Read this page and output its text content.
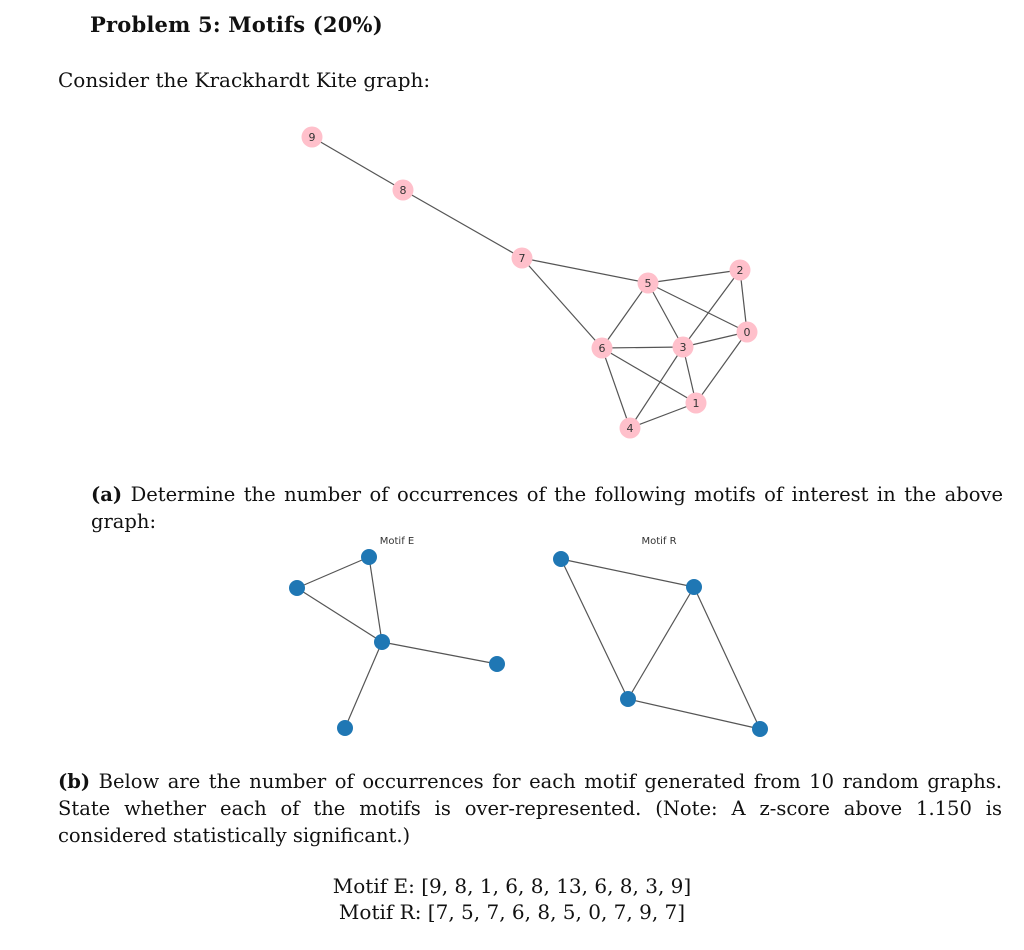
Problem 5: Motifs (20%)
Consider the Krackhardt Kite graph:
0
1
2
3
4
5
6
7
8
9
(a) Determine the number of occurrences of the following motifs of interest in the above graph:
Motif E	Motif R
(b) Below are the number of occurrences for each motif generated from 10 random graphs. State whether each of the motifs is over-represented. (Note: A z-score above 1.150 is considered statistically significant.)
Motif E: [9, 8, 1, 6, 8, 13, 6, 8, 3, 9]
Motif R: [7, 5, 7, 6, 8, 5, 0, 7, 9, 7]
